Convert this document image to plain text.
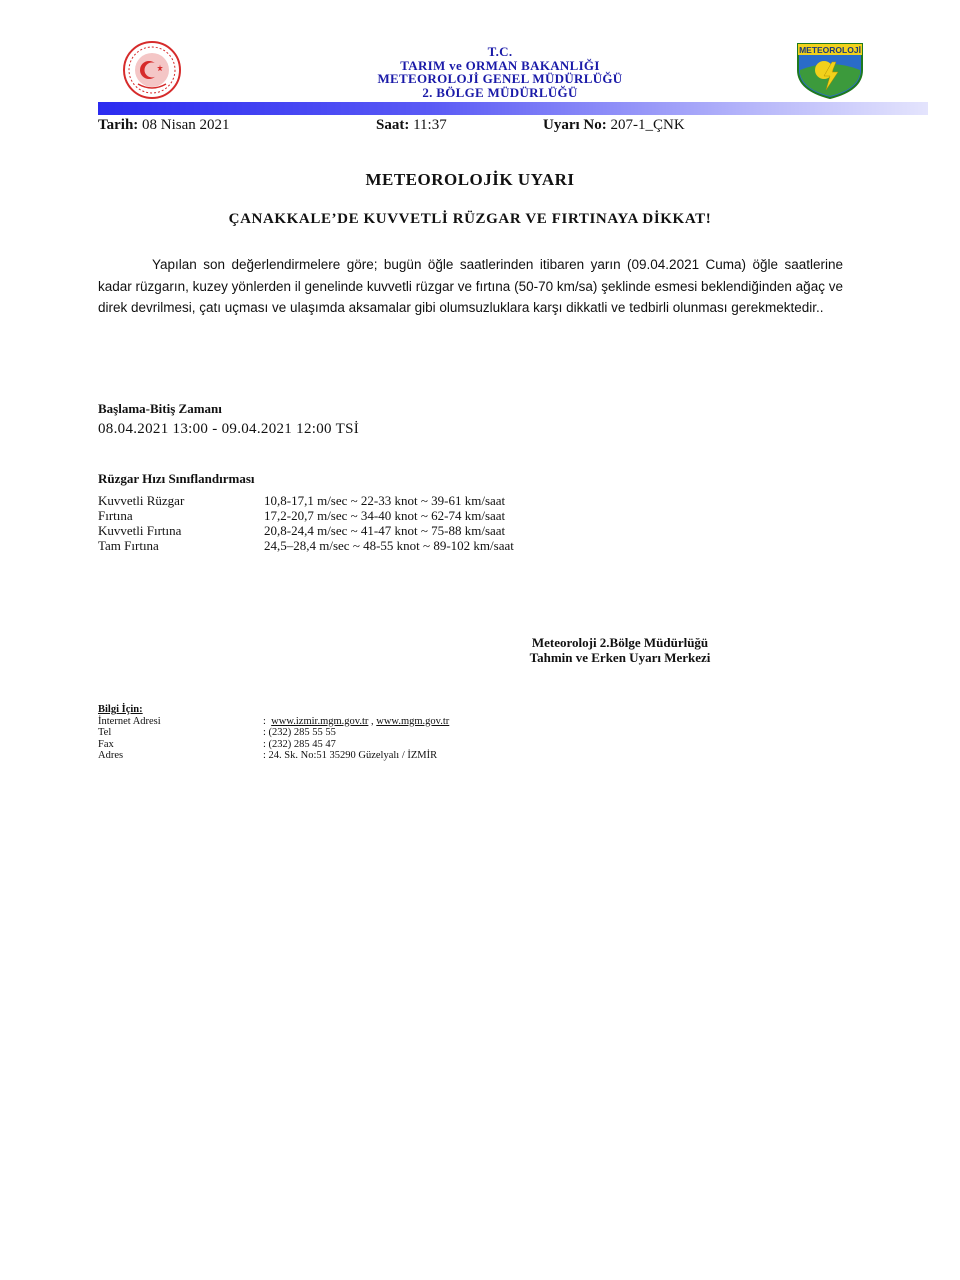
T.C.
TARIM ve ORMAN BAKANLIĞI
METEOROLOJİ GENEL MÜDÜRLÜĞÜ
2. BÖLGE MÜDÜRLÜĞÜ
METEOROLOJİ
Tarih: 08 Nisan 2021	Saat: 11:37	Uyarı No: 207-1_ÇNK
METEOROLOJİK UYARI
ÇANAKKALE’DE KUVVETLİ RÜZGAR VE FIRTINAYA DİKKAT!
Yapılan son değerlendirmelere göre; bugün öğle saatlerinden itibaren yarın (09.04.2021 Cuma) öğle saatlerine kadar rüzgarın, kuzey yönlerden il genelinde kuvvetli rüzgar ve fırtına (50-70 km/sa) şeklinde esmesi beklendiğinden ağaç ve direk devrilmesi, çatı uçması ve ulaşımda aksamalar gibi olumsuzluklara karşı dikkatli ve tedbirli olunması gerekmektedir..
Başlama-Bitiş Zamanı
08.04.2021 13:00 - 09.04.2021 12:00 TSİ
Rüzgar Hızı Sınıflandırması
Kuvvetli Rüzgar	10,8-17,1 m/sec ~ 22-33 knot ~ 39-61 km/saat
Fırtına	17,2-20,7 m/sec ~ 34-40 knot ~ 62-74 km/saat
Kuvvetli Fırtına	20,8-24,4 m/sec ~ 41-47 knot ~ 75-88 km/saat
Tam Fırtına	24,5–28,4 m/sec ~ 48-55 knot ~ 89-102 km/saat
Meteoroloji 2.Bölge Müdürlüğü
Tahmin ve Erken Uyarı Merkezi
Bilgi İçin:
İnternet Adresi	: www.izmir.mgm.gov.tr , www.mgm.gov.tr
Tel	: (232) 285 55 55
Fax	: (232) 285 45 47
Adres	: 24. Sk. No:51 35290 Güzelyalı / İZMİR
